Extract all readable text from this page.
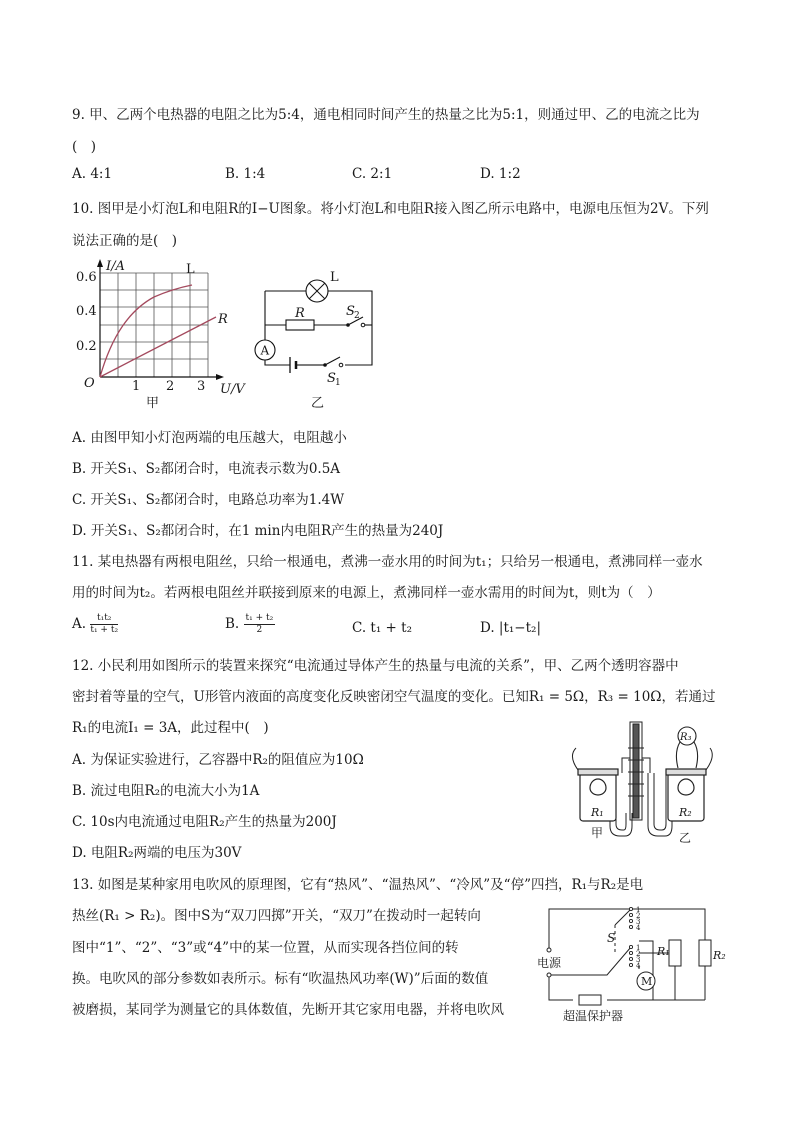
9. 甲、乙两个电热器的电阻之比为5:4，通电相同时间产生的热量之比为5:1，则通过甲、乙的电流之比为
(　)
A. 4:1	B. 1:4	C. 2:1	D. 1:2
10. 图甲是小灯泡L和电阻R的I−U图象。将小灯泡L和电阻R接入图乙所示电路中，电源电压恒为2V。下列
说法正确的是(　)
I/A
0.6
0.4
0.2
O	1 2 3 U/V
L
R
甲
A
L
R	S 2
S 1
乙
A. 由图甲知小灯泡两端的电压越大，电阻越小
B. 开关S₁、S₂都闭合时，电流表示数为0.5A
C. 开关S₁、S₂都闭合时，电路总功率为1.4W
D. 开关S₁、S₂都闭合时，在1 min内电阻R产生的热量为240J
11. 某电热器有两根电阻丝，只给一根通电，煮沸一壶水用的时间为t₁；只给另一根通电，煮沸同样一壶水
用的时间为t₂。若两根电阻丝并联接到原来的电源上，煮沸同样一壶水需用的时间为t，则t为（　）
A. $\frac{\text{t₁t₂}}{\text{t₁ + t₂}}$	B. $\frac{\text{t₁ + t₂}}{2}$	C. t₁ + t₂	D. |t₁−t₂|
12. 小民利用如图所示的装置来探究“电流通过导体产生的热量与电流的关系”，甲、乙两个透明容器中
密封着等量的空气，U形管内液面的高度变化反映密闭空气温度的变化。已知R₁ = 5Ω，R₃ = 10Ω，若通过
R₁的电流I₁ = 3A，此过程中(　)
A. 为保证实验进行，乙容器中R₂的阻值应为10Ω
B. 流过电阻R₂的电流大小为1A
C. 10s内电流通过电阻R₂产生的热量为200J
D. 电阻R₂两端的电压为30V
R₁	R₂
R₃
甲	乙
13. 如图是某种家用电吹风的原理图，它有“热风”、“温热风”、“冷风”及“停”四挡，R₁与R₂是电
热丝(R₁ > R₂)。图中S为“双刀四掷”开关，“双刀”在拨动时一起转向
图中“1”、“2”、“3”或“4”中的某一位置，从而实现各挡位间的转
换。电吹风的部分参数如表所示。标有“吹温热风功率(W)”后面的数值
被磨损，某同学为测量它的具体数值，先断开其它家用电器，并将电吹风
电源
S
M
R₁	R₂
超温保护器
1
2
3
4
1
2
3
4
